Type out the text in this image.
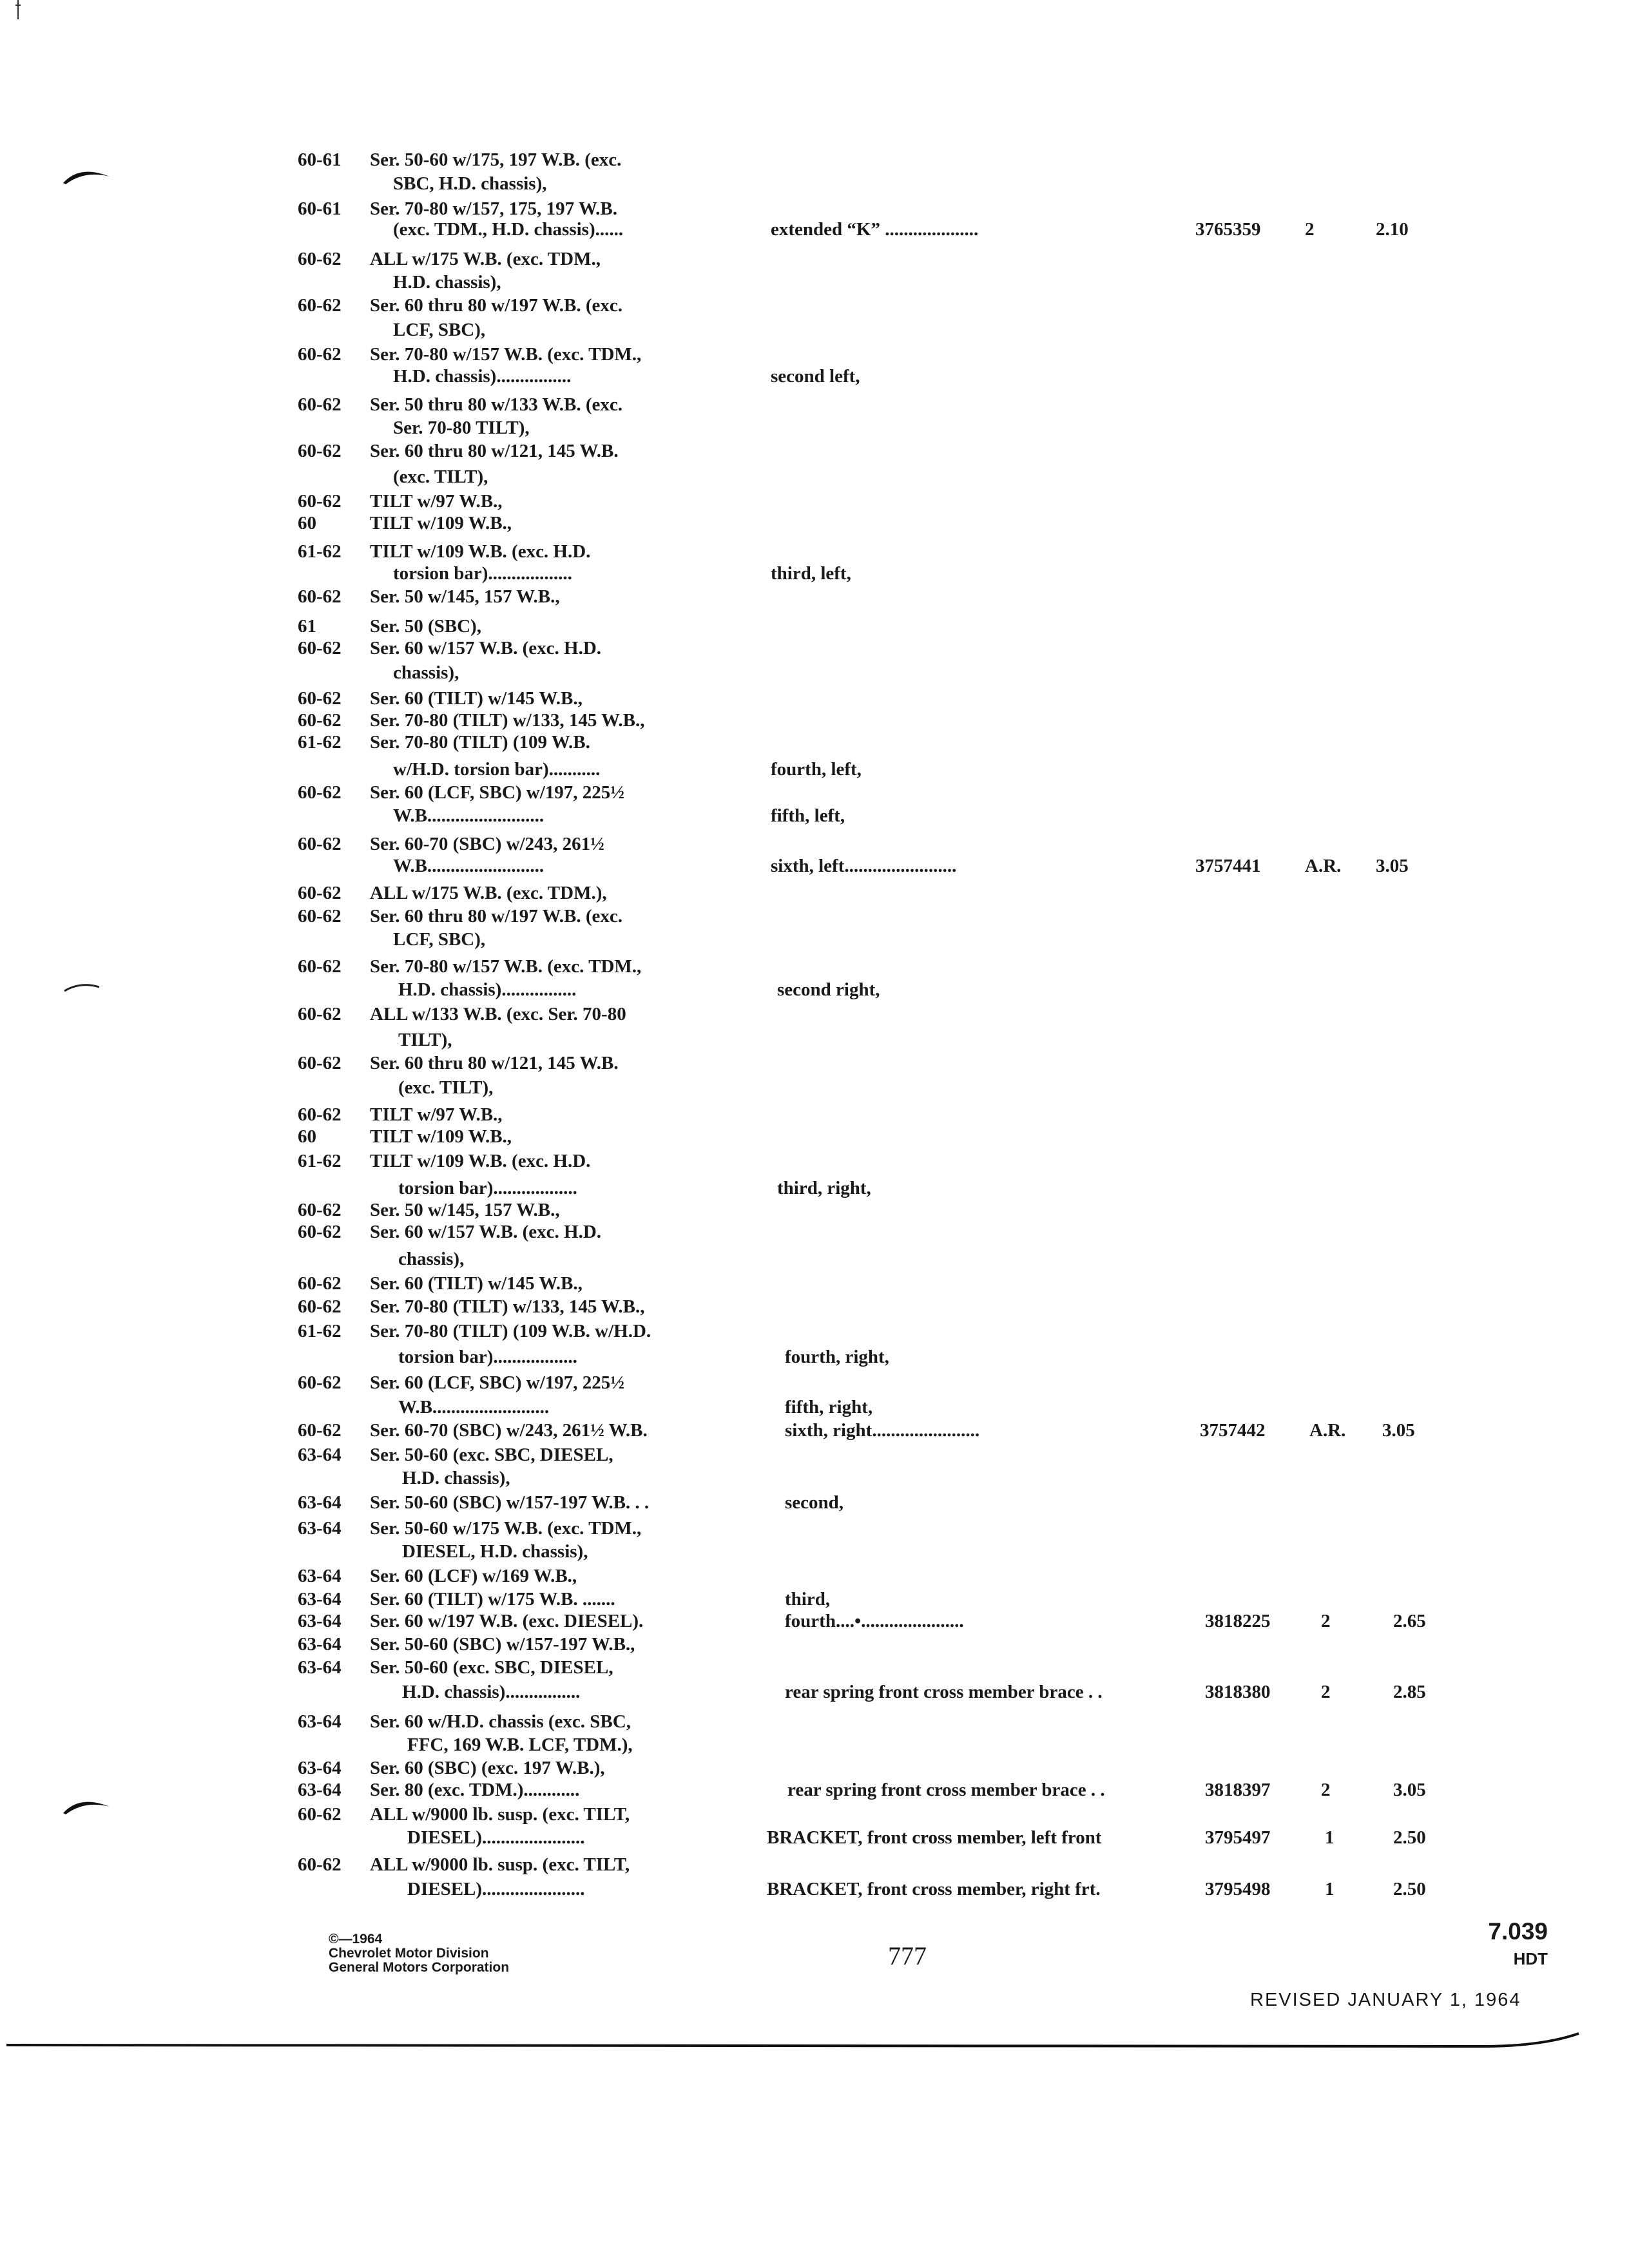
60-61 Ser. 50-60 w/175, 197 W.B. (exc.
SBC, H.D. chassis),
60-61 Ser. 70-80 w/157, 175, 197 W.B.
(exc. TDM., H.D. chassis)......	extended “K” ....................	3765359 2	2.10
60-62 ALL w/175 W.B. (exc. TDM.,
H.D. chassis),
60-62 Ser. 60 thru 80 w/197 W.B. (exc.
LCF, SBC),
60-62 Ser. 70-80 w/157 W.B. (exc. TDM.,
H.D. chassis)................	second left,
60-62 Ser. 50 thru 80 w/133 W.B. (exc.
Ser. 70-80 TILT),
60-62 Ser. 60 thru 80 w/121, 145 W.B.
(exc. TILT),
60-62 TILT w/97 W.B.,
60	TILT w/109 W.B.,
61-62 TILT w/109 W.B. (exc. H.D.
torsion bar)..................	third, left,
60-62 Ser. 50 w/145, 157 W.B.,
61	Ser. 50 (SBC),
60-62 Ser. 60 w/157 W.B. (exc. H.D.
chassis),
60-62 Ser. 60 (TILT) w/145 W.B.,
60-62 Ser. 70-80 (TILT) w/133, 145 W.B.,
61-62 Ser. 70-80 (TILT) (109 W.B.
w/H.D. torsion bar)...........	fourth, left,
60-62 Ser. 60 (LCF, SBC) w/197, 225½
W.B.........................	fifth, left,
60-62 Ser. 60-70 (SBC) w/243, 261½
W.B.........................	sixth, left........................	3757441 A.R. 3.05
60-62 ALL w/175 W.B. (exc. TDM.),
60-62 Ser. 60 thru 80 w/197 W.B. (exc.
LCF, SBC),
60-62 Ser. 70-80 w/157 W.B. (exc. TDM.,
H.D. chassis)................	second right,
60-62 ALL w/133 W.B. (exc. Ser. 70-80
TILT),
60-62 Ser. 60 thru 80 w/121, 145 W.B.
(exc. TILT),
60-62 TILT w/97 W.B.,
60	TILT w/109 W.B.,
61-62 TILT w/109 W.B. (exc. H.D.
torsion bar)..................	third, right,
60-62 Ser. 50 w/145, 157 W.B.,
60-62 Ser. 60 w/157 W.B. (exc. H.D.
chassis),
60-62 Ser. 60 (TILT) w/145 W.B.,
60-62 Ser. 70-80 (TILT) w/133, 145 W.B.,
61-62 Ser. 70-80 (TILT) (109 W.B. w/H.D.
torsion bar)..................	fourth, right,
60-62 Ser. 60 (LCF, SBC) w/197, 225½
W.B.........................	fifth, right,
60-62 Ser. 60-70 (SBC) w/243, 261½ W.B.	sixth, right.......................	3757442 A.R. 3.05
63-64 Ser. 50-60 (exc. SBC, DIESEL,
H.D. chassis),
63-64 Ser. 50-60 (SBC) w/157-197 W.B. . .	second,
63-64 Ser. 50-60 w/175 W.B. (exc. TDM.,
DIESEL, H.D. chassis),
63-64 Ser. 60 (LCF) w/169 W.B.,
63-64 Ser. 60 (TILT) w/175 W.B. .......	third,
63-64 Ser. 60 w/197 W.B. (exc. DIESEL).	fourth....•......................	3818225	2	2.65
63-64 Ser. 50-60 (SBC) w/157-197 W.B.,
63-64 Ser. 50-60 (exc. SBC, DIESEL,
H.D. chassis)................	rear spring front cross member brace . .	3818380	2	2.85
63-64 Ser. 60 w/H.D. chassis (exc. SBC,
FFC, 169 W.B. LCF, TDM.),
63-64 Ser. 60 (SBC) (exc. 197 W.B.),
63-64 Ser. 80 (exc. TDM.)............	rear spring front cross member brace . .	3818397	2	3.05
60-62 ALL w/9000 lb. susp. (exc. TILT,
DIESEL)......................	BRACKET, front cross member, left front	3795497	1	2.50
60-62 ALL w/9000 lb. susp. (exc. TILT,
DIESEL)......................	BRACKET, front cross member, right frt.	3795498	1	2.50
©—1964
Chevrolet Motor Division
General Motors Corporation	777
7.039
HDT
REVISED JANUARY 1, 1964
